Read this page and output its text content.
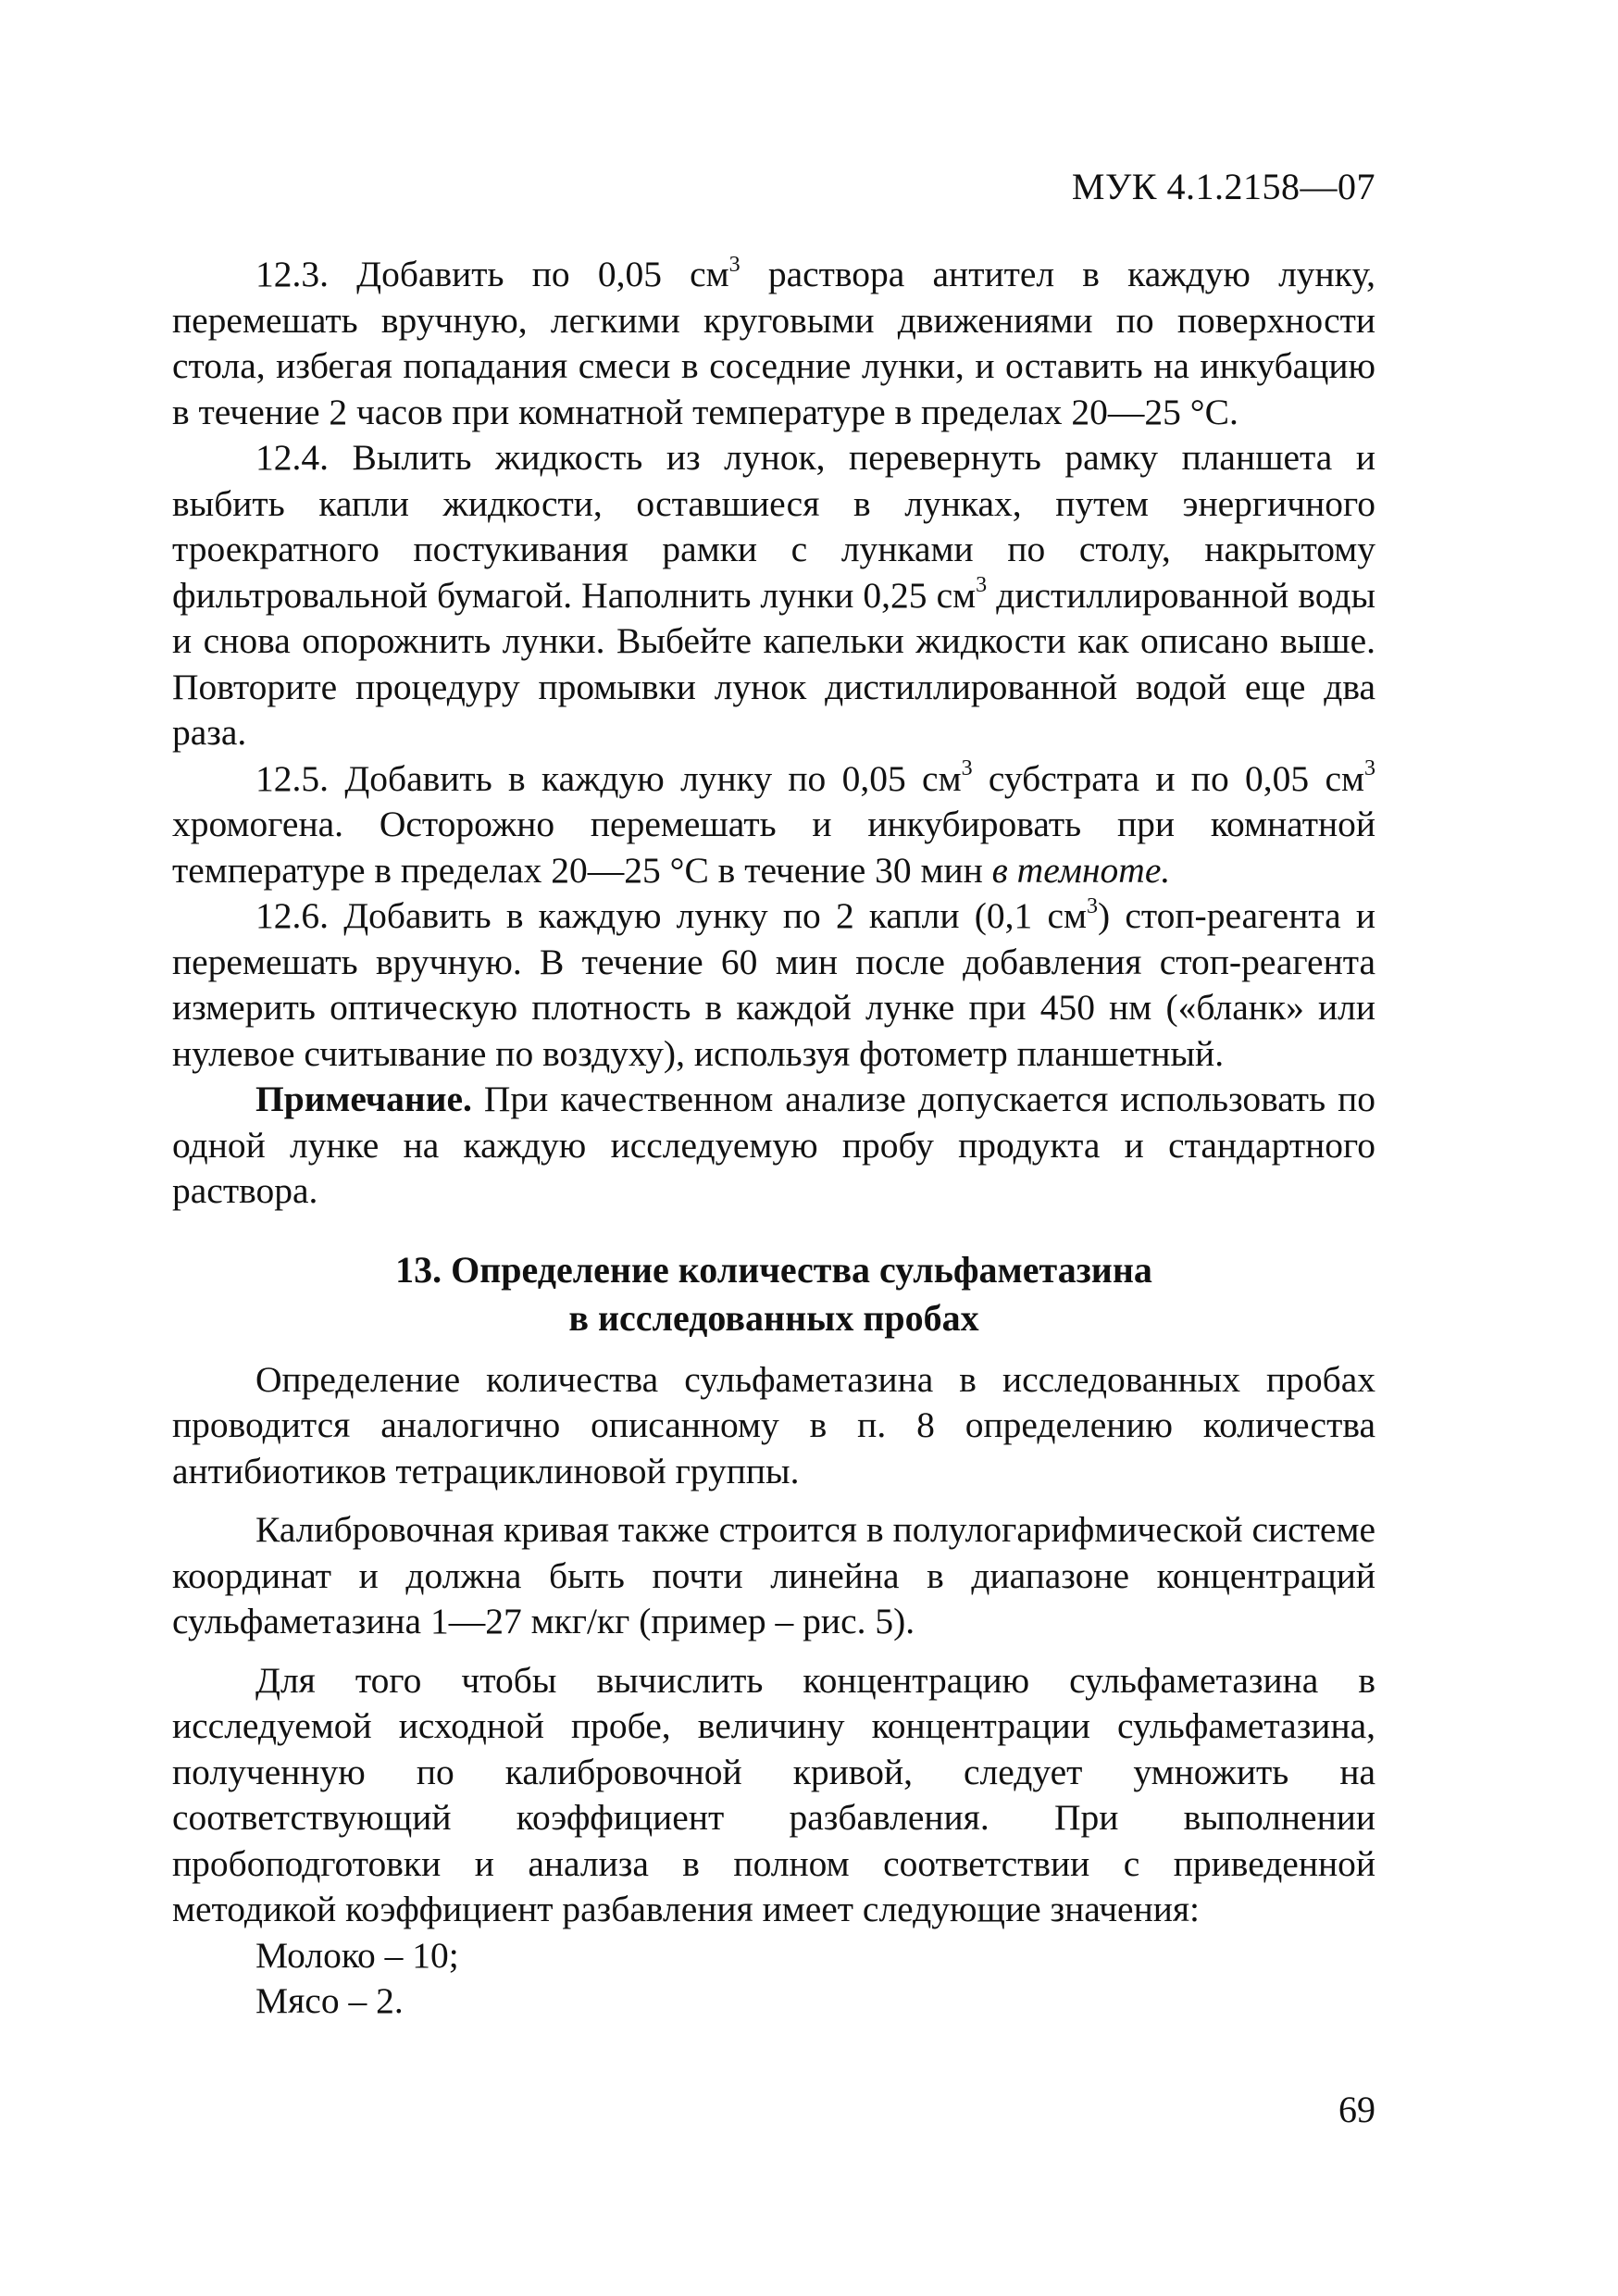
МУК 4.1.2158—07

12.3. Добавить по 0,05 $см^3$ раствора антител в каждую лунку, перемешать вручную, легкими круговыми движениями по поверхности стола, избегая попадания смеси в соседние лунки, и оставить на инкубацию в течение 2 часов при комнатной температуре в пределах 20—25 °С.

12.4. Вылить жидкость из лунок, перевернуть рамку планшета и выбить капли жидкости, оставшиеся в лунках, путем энергичного троекратного постукивания рамки с лунками по столу, накрытому фильтровальной бумагой. Наполнить лунки 0,25 $см^3$ дистиллированной воды и снова опорожнить лунки. Выбейте капельки жидкости как описано выше. Повторите процедуру промывки лунок дистиллированной водой еще два раза.

12.5. Добавить в каждую лунку по 0,05 $см^3$ субстрата и по 0,05 $см^3$ хромогена. Осторожно перемешать и инкубировать при комнатной температуре в пределах 20—25 °С в течение 30 мин в темноте.

12.6. Добавить в каждую лунку по 2 капли (0,1 $см^3$) стоп-реагента и перемешать вручную. В течение 60 мин после добавления стоп-реагента измерить оптическую плотность в каждой лунке при 450 нм («бланк» или нулевое считывание по воздуху), используя фотометр планшетный.

Примечание. При качественном анализе допускается использовать по одной лунке на каждую исследуемую пробу продукта и стандартного раствора.

13. Определение количества сульфаметазина
в исследованных пробах

Определение количества сульфаметазина в исследованных пробах проводится аналогично описанному в п. 8 определению количества антибиотиков тетрациклиновой группы.

Калибровочная кривая также строится в полулогарифмической системе координат и должна быть почти линейна в диапазоне концентраций сульфаметазина 1—27 мкг/кг (пример – рис. 5).

Для того чтобы вычислить концентрацию сульфаметазина в исследуемой исходной пробе, величину концентрации сульфаметазина, полученную по калибровочной кривой, следует умножить на соответствующий коэффициент разбавления. При выполнении пробоподготовки и анализа в полном соответствии с приведенной методикой коэффициент разбавления имеет следующие значения:

Молоко – 10;

Мясо – 2.

69
